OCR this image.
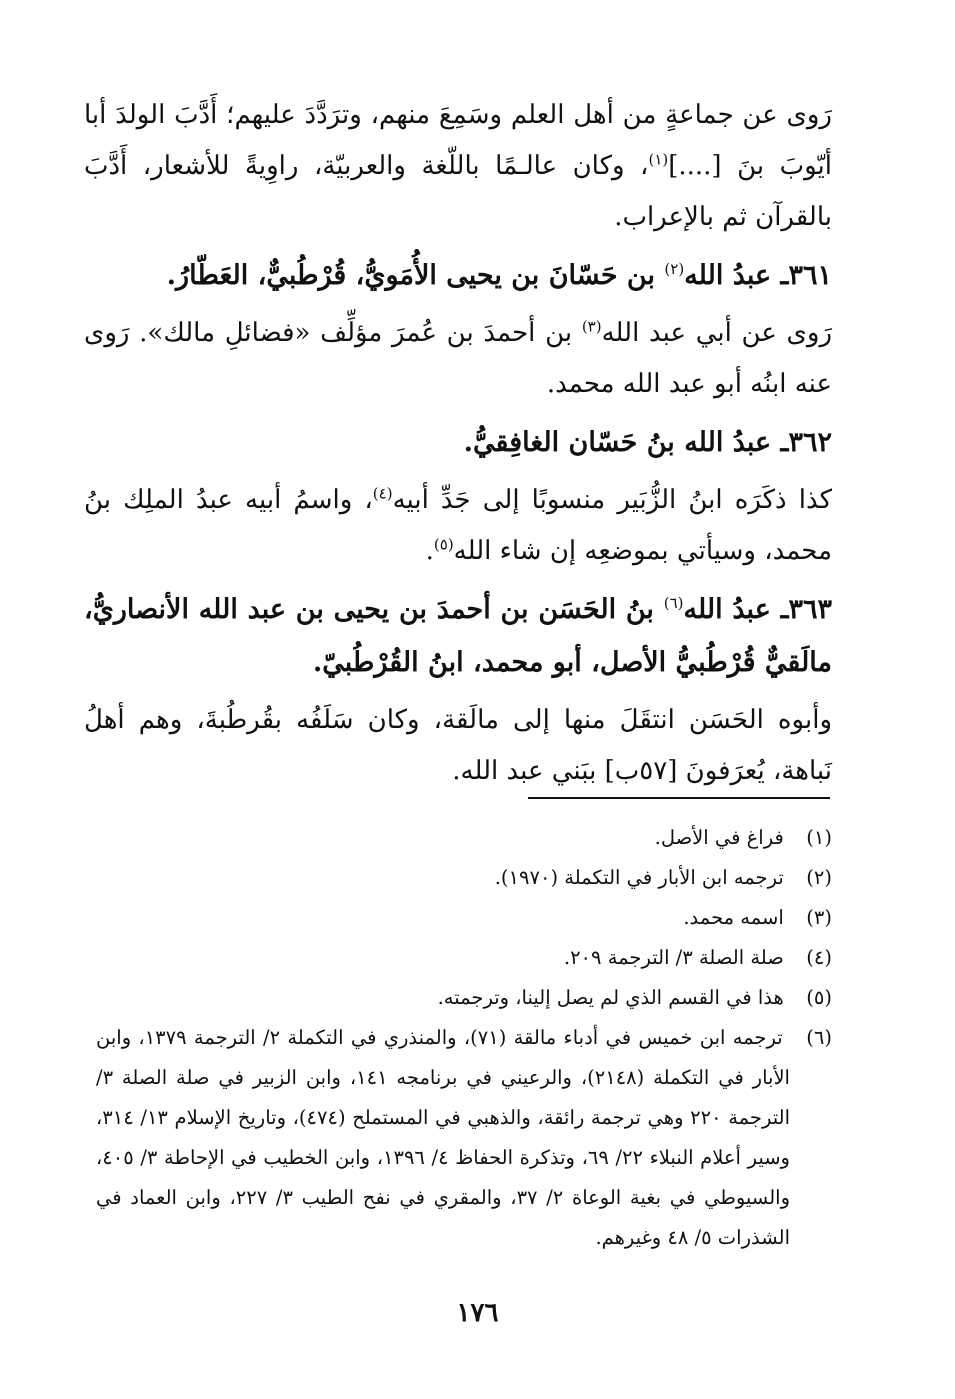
رَوى عن جماعةٍ من أهل العلم وسَمِعَ منهم، وترَدَّدَ عليهم؛ أَدَّبَ الولدَ أبا أيّوبَ بنَ [....]$^{(١)}$، وكان عالـمًا باللّغة والعربيّة، راوِيةً للأشعار، أَدَّبَ بالقرآن ثم بالإعراب.

٣٦١ـ عبدُ الله$^{(٢)}$ بن حَسّانَ بن يحيى الأُمَويُّ، قُرْطُبيٌّ، العَطّارُ.

رَوى عن أبي عبد الله$^{(٣)}$ بن أحمدَ بن عُمرَ مؤلِّف «فضائلِ مالك». رَوى عنه ابنُه أبو عبد الله محمد.

٣٦٢ـ عبدُ الله بنُ حَسّان الغافِقيُّ.

كذا ذكَرَه ابنُ الزُّبَير منسوبًا إلى جَدِّ أبيه$^{(٤)}$، واسمُ أبيه عبدُ الملِك بنُ محمد، وسيأتي بموضعِه إن شاء الله$^{(٥)}$.

٣٦٣ـ عبدُ الله$^{(٦)}$ بنُ الحَسَن بن أحمدَ بن يحيى بن عبد الله الأنصاريُّ، مالَقيٌّ قُرْطُبيُّ الأصل، أبو محمد، ابنُ القُرْطُبيّ.

وأبوه الحَسَن انتقَلَ منها إلى مالَقة، وكان سَلَفُه بقُرطُبةَ، وهم أهلُ نَباهة، يُعرَفونَ [٥٧ب] ببَني عبد الله.

(١) فراغ في الأصل.

(٢) ترجمه ابن الأبار في التكملة (١٩٧٠).

(٣) اسمه محمد.

(٤) صلة الصلة ٣/ الترجمة ٢٠٩.

(٥) هذا في القسم الذي لم يصل إلينا، وترجمته.

(٦) ترجمه ابن خميس في أدباء مالقة (٧١)، والمنذري في التكملة ٢/ الترجمة ١٣٧٩، وابن الأبار في التكملة (٢١٤٨)، والرعيني في برنامجه ١٤١، وابن الزبير في صلة الصلة ٣/ الترجمة ٢٢٠ وهي ترجمة رائقة، والذهبي في المستملح (٤٧٤)، وتاريخ الإسلام ١٣/ ٣١٤، وسير أعلام النبلاء ٢٢/ ٦٩، وتذكرة الحفاظ ٤/ ١٣٩٦، وابن الخطيب في الإحاطة ٣/ ٤٠٥، والسيوطي في بغية الوعاة ٢/ ٣٧، والمقري في نفح الطيب ٣/ ٢٢٧، وابن العماد في الشذرات ٥/ ٤٨ وغيرهم.

١٧٦
